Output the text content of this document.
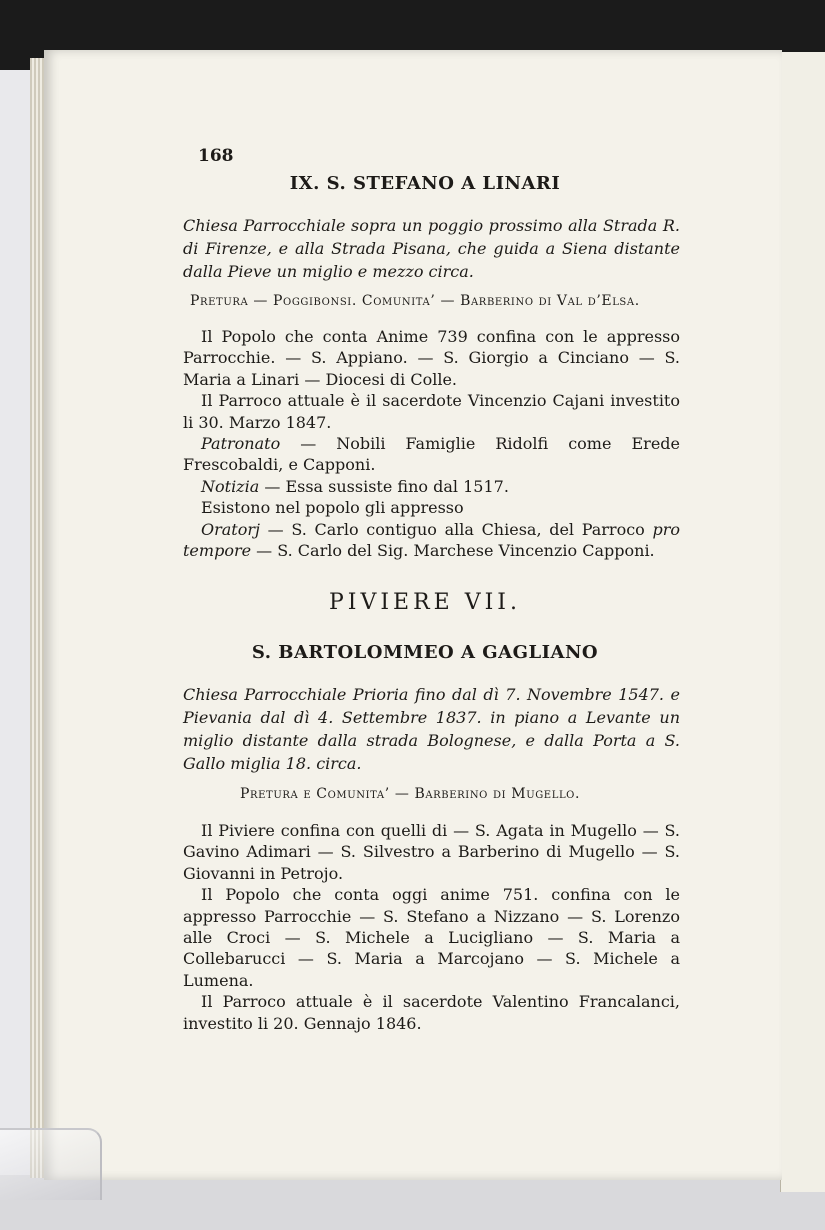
168
IX. S. STEFANO A LINARI
Chiesa Parrocchiale sopra un poggio prossimo alla Strada R. di Firenze, e alla Strada Pisana, che guida a Siena distante dalla Pieve un miglio e mezzo circa.
Pretura — Poggibonsi. Comunita’ — Barberino di Val d’Elsa.

Il Popolo che conta Anime 739 confina con le appresso Parrocchie. — S. Appiano. — S. Giorgio a Cinciano — S. Maria a Linari — Diocesi di Colle.

Il Parroco attuale è il sacerdote Vincenzio Cajani investito li 30. Marzo 1847.

Patronato — Nobili Famiglie Ridolfi come Erede Frescobaldi, e Capponi.

Notizia — Essa sussiste fino dal 1517.

Esistono nel popolo gli appresso

Oratorj — S. Carlo contiguo alla Chiesa, del Parroco pro tempore — S. Carlo del Sig. Marchese Vincenzio Capponi.

PIVIERE VII.
S. BARTOLOMMEO A GAGLIANO
Chiesa Parrocchiale Prioria fino dal dì 7. Novembre 1547. e Pievania dal dì 4. Settembre 1837. in piano a Levante un miglio distante dalla strada Bolognese, e dalla Porta a S. Gallo miglia 18. circa.
Pretura e Comunita’ — Barberino di Mugello.

Il Piviere confina con quelli di — S. Agata in Mugello — S. Gavino Adimari — S. Silvestro a Barberino di Mugello — S. Giovanni in Petrojo.

Il Popolo che conta oggi anime 751. confina con le appresso Parrocchie — S. Stefano a Nizzano — S. Lorenzo alle Croci — S. Michele a Lucigliano — S. Maria a Collebarucci — S. Maria a Marcojano — S. Michele a Lumena.

Il Parroco attuale è il sacerdote Valentino Francalanci, investito li 20. Gennajo 1846.
